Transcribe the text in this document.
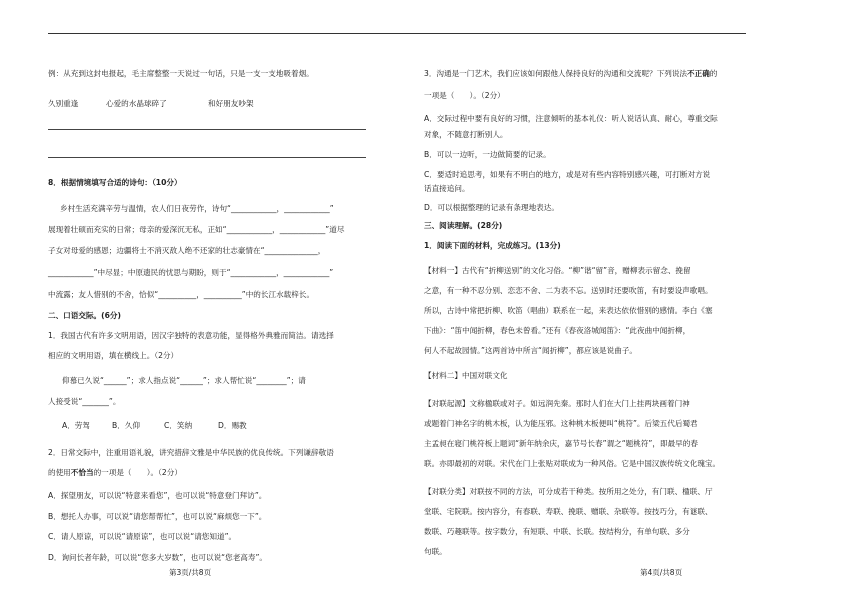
例：从充到这封电报起，毛主席整整一天说过一句话，只是一支一支地吸着烟。
久别重逢	心爱的水晶球碎了	和好朋友吵架
8．根据情境填写合适的诗句：（10分）
乡村生活充满辛劳与温情，农人们日夜劳作，诗句“____________，____________”
展现着壮硕而充实的日常；母亲的爱深沉无私，正如“____________，____________”道尽
子女对母爱的感恩；边疆将士不消灭敌人绝不还家的壮志豪情在“______________，
____________”中尽显；中原遗民的忧思与期盼，则于“____________，____________”
中流露；友人惜别的不舍，恰似“__________，__________”中的长江水载梓长。
二、口语交际。(6分)
1．我国古代有许多文明用语，因汉字独特的表意功能，显得格外典雅而简洁。请选择
相应的文明用语，填在横线上。（2分）
仰慕已久说“______”；求人指点说“______”；求人帮忙说“________”；请
人接受说“_______”。
A．劳驾	B．久仰	C．笑纳	D．赐教
2．日常交际中，注重用语礼貌，讲究措辞文雅是中华民族的优良传统。下列谦辞敬语
的使用不恰当的一项是（　　）。（2分）
A．探望朋友，可以说“特意来看您”，也可以说“特意登门拜访”。
B．想托人办事，可以说“请您帮帮忙”，也可以说“麻烦您一下”。
C．请人原谅，可以说“请原谅”，也可以说“请您知道”。
D．询问长者年龄，可以说“您多大岁数”，也可以说“您老高寿”。
第3页/共8页
3．沟通是一门艺术，我们应该如何跟他人保持良好的沟通和交流呢？下列说法不正确的
一项是（　　）。（2分）
A．交际过程中要有良好的习惯，注意倾听的基本礼仪：听人说话认真、耐心，尊重交际
对象，不随意打断别人。
B．可以一边听，一边做简要的记录。
C．要适时追思考，如果有不明白的地方，或是对有些内容特别感兴趣，可打断对方说
话直接追问。
D．可以根据整理的记录有条理地表达。
三、阅读理解。(28分)
1．阅读下面的材料，完成练习。(13分)
【材料一】古代有“折柳送别”的文化习俗。“柳”谐“留”音，赠柳表示留念、挽留
之意，有一种不忍分别、恋恋不舍、二为表不忘。送别时还要吹笛，有时要设声歌唱。
所以，古诗中常把折柳、吹笛（唱曲）联系在一起，来表达依依惜别的感情。李白《塞
下曲》：“笛中闻折柳，春色未曾看。”还有《春夜洛城闻笛》：“此夜曲中闻折柳，
何人不起故园情。”这两首诗中所言“闻折柳”，都应该是说曲子。
【材料二】中国对联文化
【对联起源】文称楹联或对子。如远润先秦。那时人们在大门上挂两块画着门神
或题着门神名字的桃木板，认为能压邪。这种桃木板便叫“桃符”。后梁五代后蜀君
主孟昶在寝门桃符板上题词“新年纳余庆，嘉节号长春”谓之“题桃符”，即最早的春
联。亦即最初的对联。宋代在门上张贴对联成为一种风俗。它是中国汉族传统文化瑰宝。
【对联分类】对联按不同的方法，可分成若干种类。按所用之处分，有门联、楹联、厅
堂联、宅院联。按内容分，有春联、寿联、挽联、赠联、杂联等。按技巧分，有谜联、
数联、巧趣联等。按字数分，有短联、中联、长联。按结构分，有单句联、多分
句联。
第4页/共8页
